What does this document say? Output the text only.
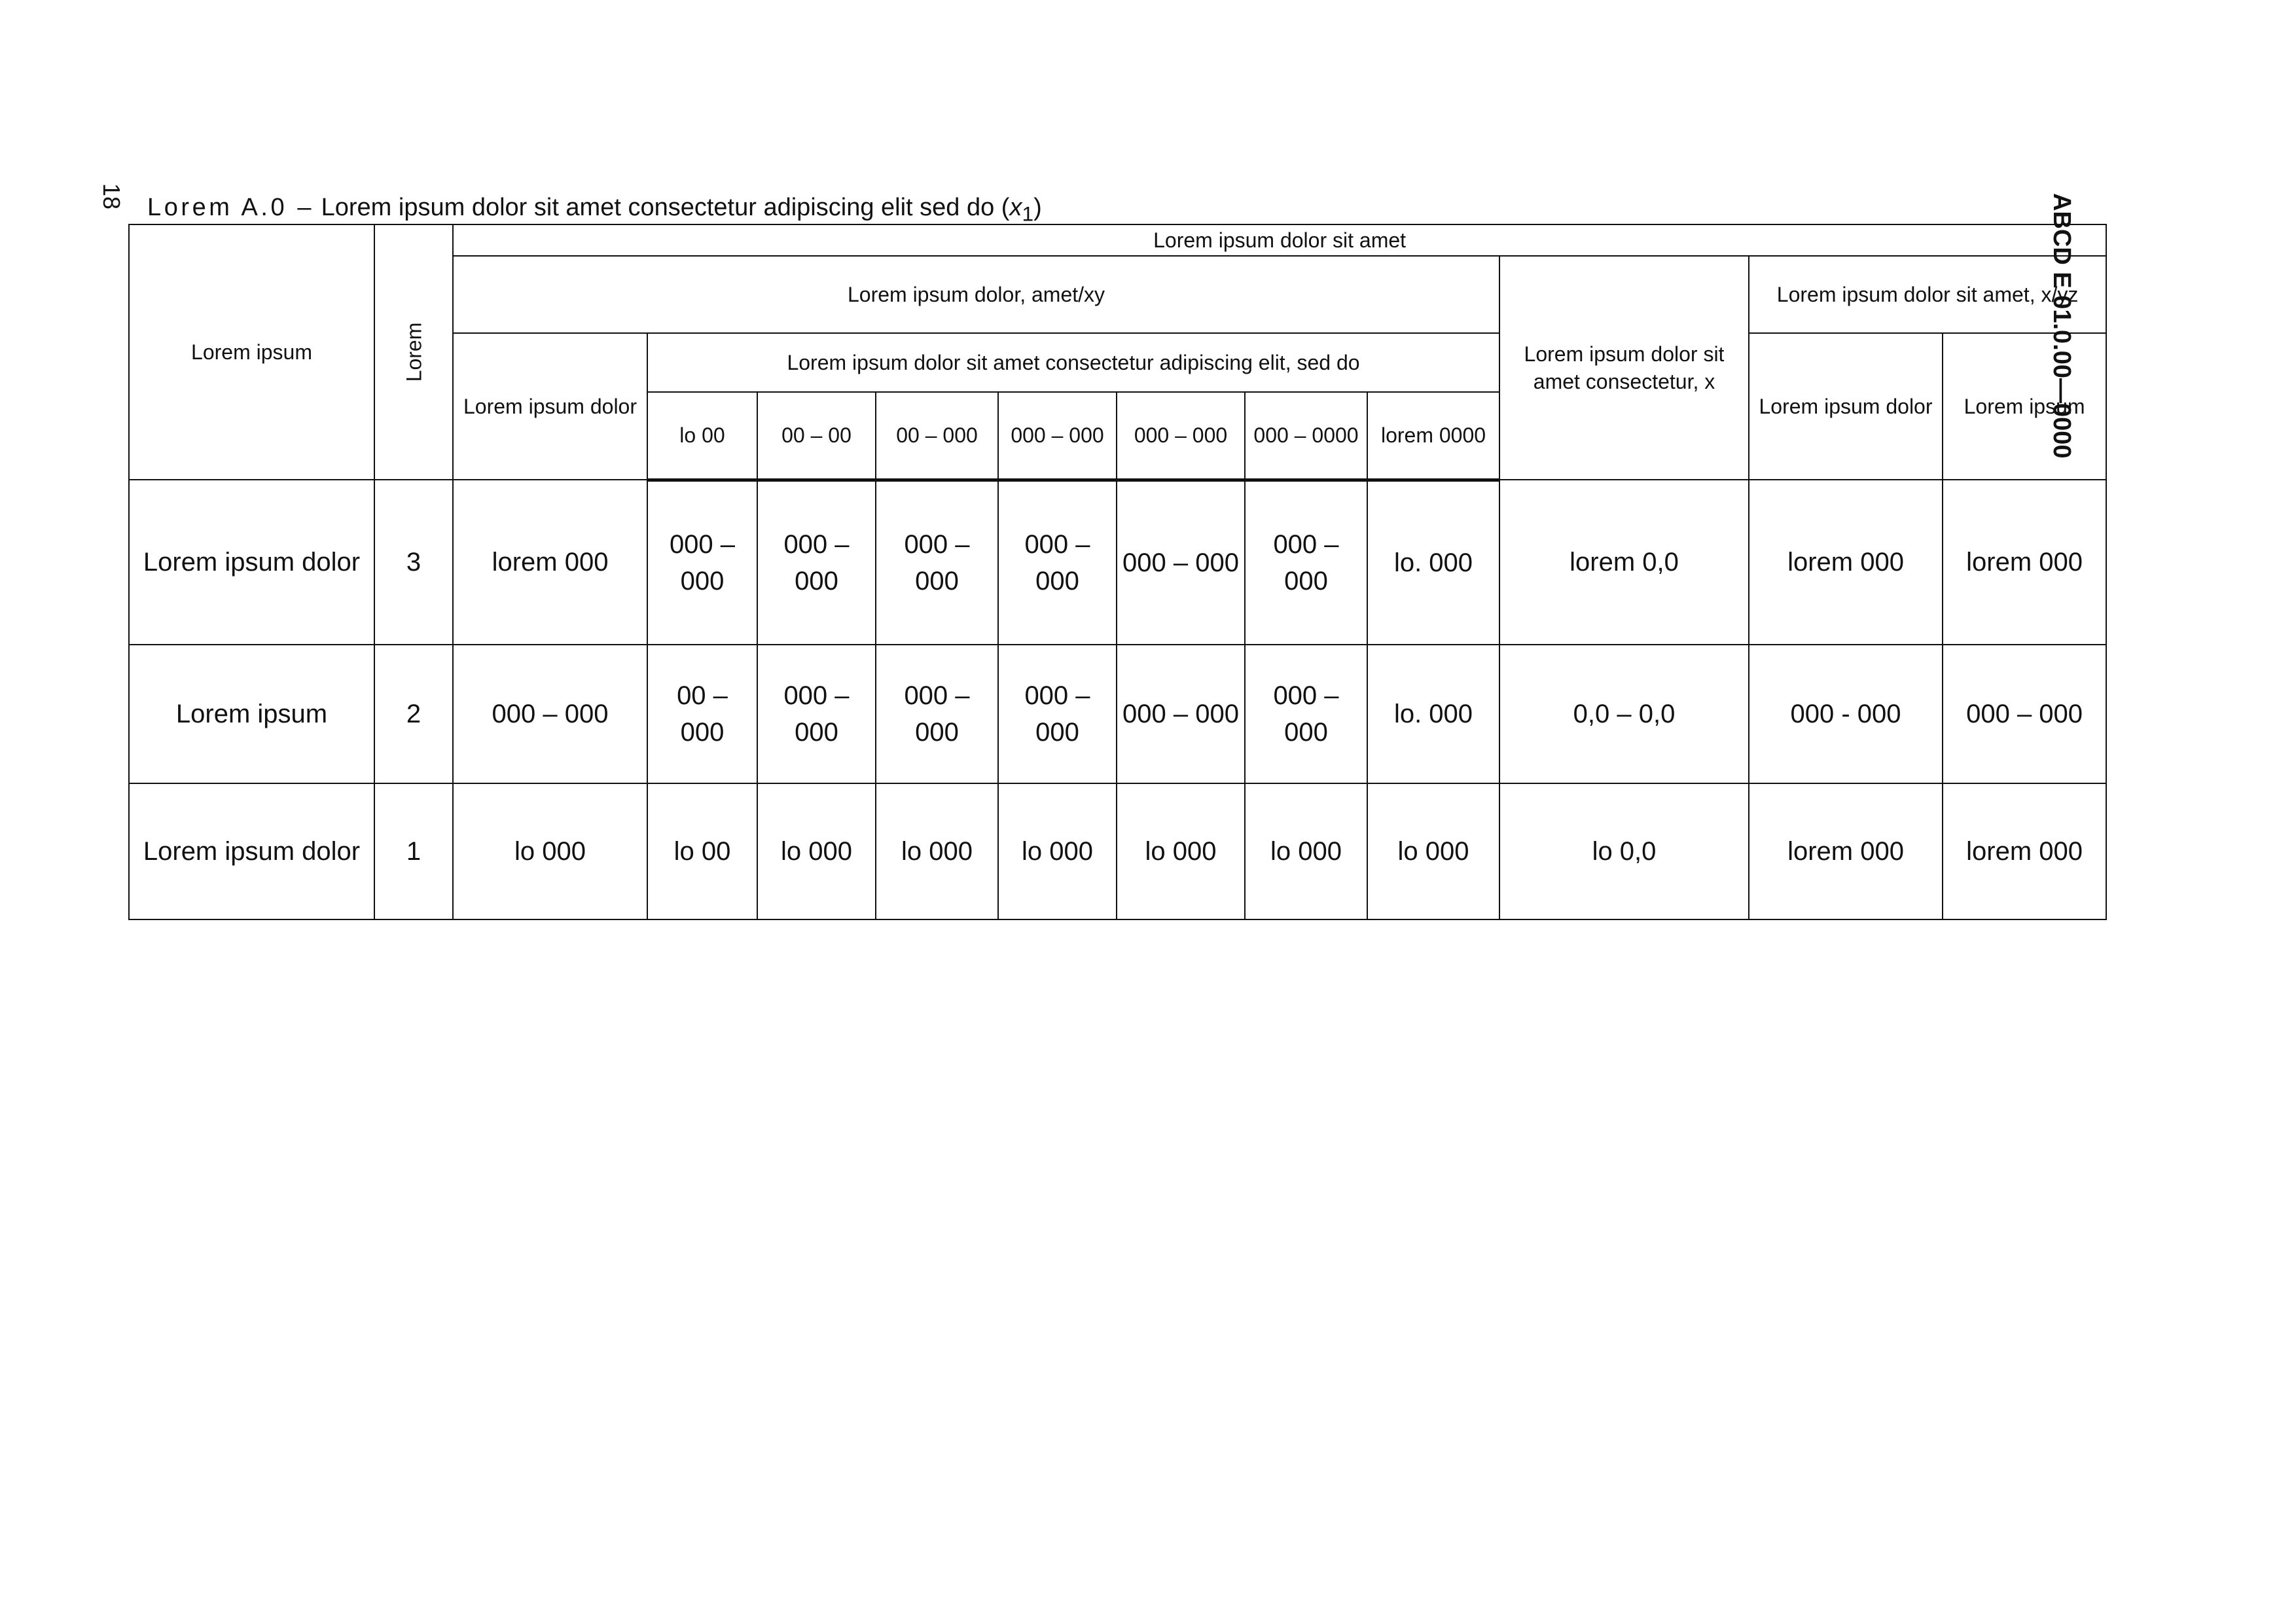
18	ABCD E 01.0.00—0000
Lorem A.0 – Lorem ipsum dolor sit amet consectetur adipiscing elit sed do $(x_1)$
Lorem ipsum	Lorem	Lorem ipsum dolor sit amet										
		Lorem ipsum dolor, amet/xy								Lorem ipsum dolor sit amet consectetur, x	Lorem ipsum dolor sit amet, x/yz	
		Lorem ipsum dolor	Lorem ipsum dolor sit amet consectetur adipiscing elit, sed do								Lorem ipsum dolor	Lorem ipsum
			lo 00	00 – 00	00 – 000	000 – 000	000 – 000	000 – 0000	lorem 0000			
Lorem ipsum dolor	3	lorem 000	000 – 000	000 – 000	000 – 000	000 – 000	000 – 000	000 – 000	lo. 000	lorem 0,0	lorem 000	lorem 000
Lorem ipsum	2	000 – 000	00 – 000	000 – 000	000 – 000	000 – 000	000 – 000	000 – 000	lo. 000	0,0 – 0,0	000 - 000	000 – 000
Lorem ipsum dolor	1	lo 000	lo 00	lo 000	lo 000	lo 000	lo 000	lo 000	lo 000	lo 0,0	lorem 000	lorem 000
